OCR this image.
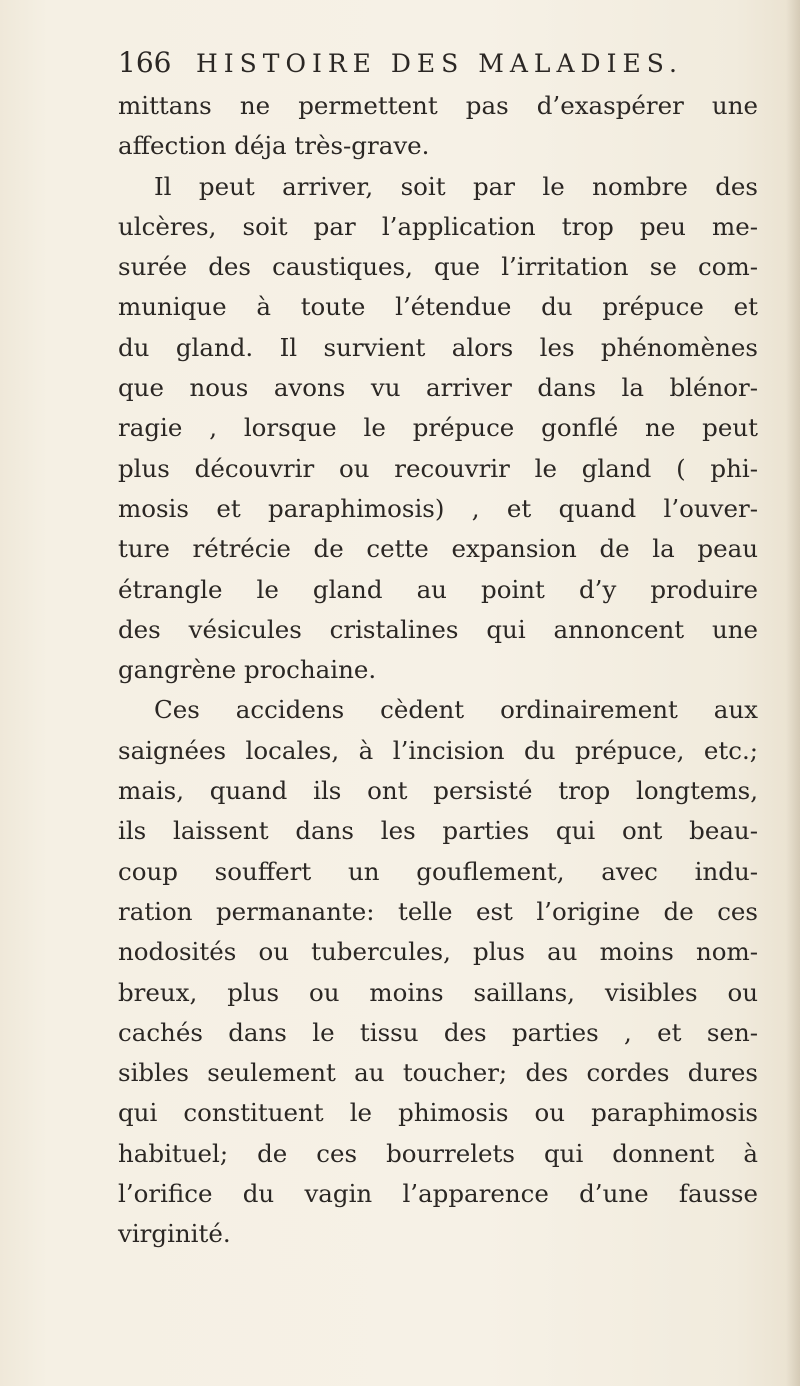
166 HISTOIRE DES MALADIES.
mittans ne permettent pas d’exaspérer une
affection déja très-grave.
Il peut arriver, soit par le nombre des
ulcères, soit par l’application trop peu me-
surée des caustiques, que l’irritation se com-
munique à toute l’étendue du prépuce et
du gland. Il survient alors les phénomènes
que nous avons vu arriver dans la blénor-
ragie , lorsque le prépuce gonflé ne peut
plus découvrir ou recouvrir le gland ( phi-
mosis et paraphimosis) , et quand l’ouver-
ture rétrécie de cette expansion de la peau
étrangle le gland au point d’y produire
des vésicules cristalines qui annoncent une
gangrène prochaine.
Ces accidens cèdent ordinairement aux
saignées locales, à l’incision du prépuce, etc.;
mais, quand ils ont persisté trop longtems,
ils laissent dans les parties qui ont beau-
coup souffert un gouflement, avec indu-
ration permanante: telle est l’origine de ces
nodosités ou tubercules, plus au moins nom-
breux, plus ou moins saillans, visibles ou
cachés dans le tissu des parties , et sen-
sibles seulement au toucher; des cordes dures
qui constituent le phimosis ou paraphimosis
habituel; de ces bourrelets qui donnent à
l’orifice du vagin l’apparence d’une fausse
virginité.
